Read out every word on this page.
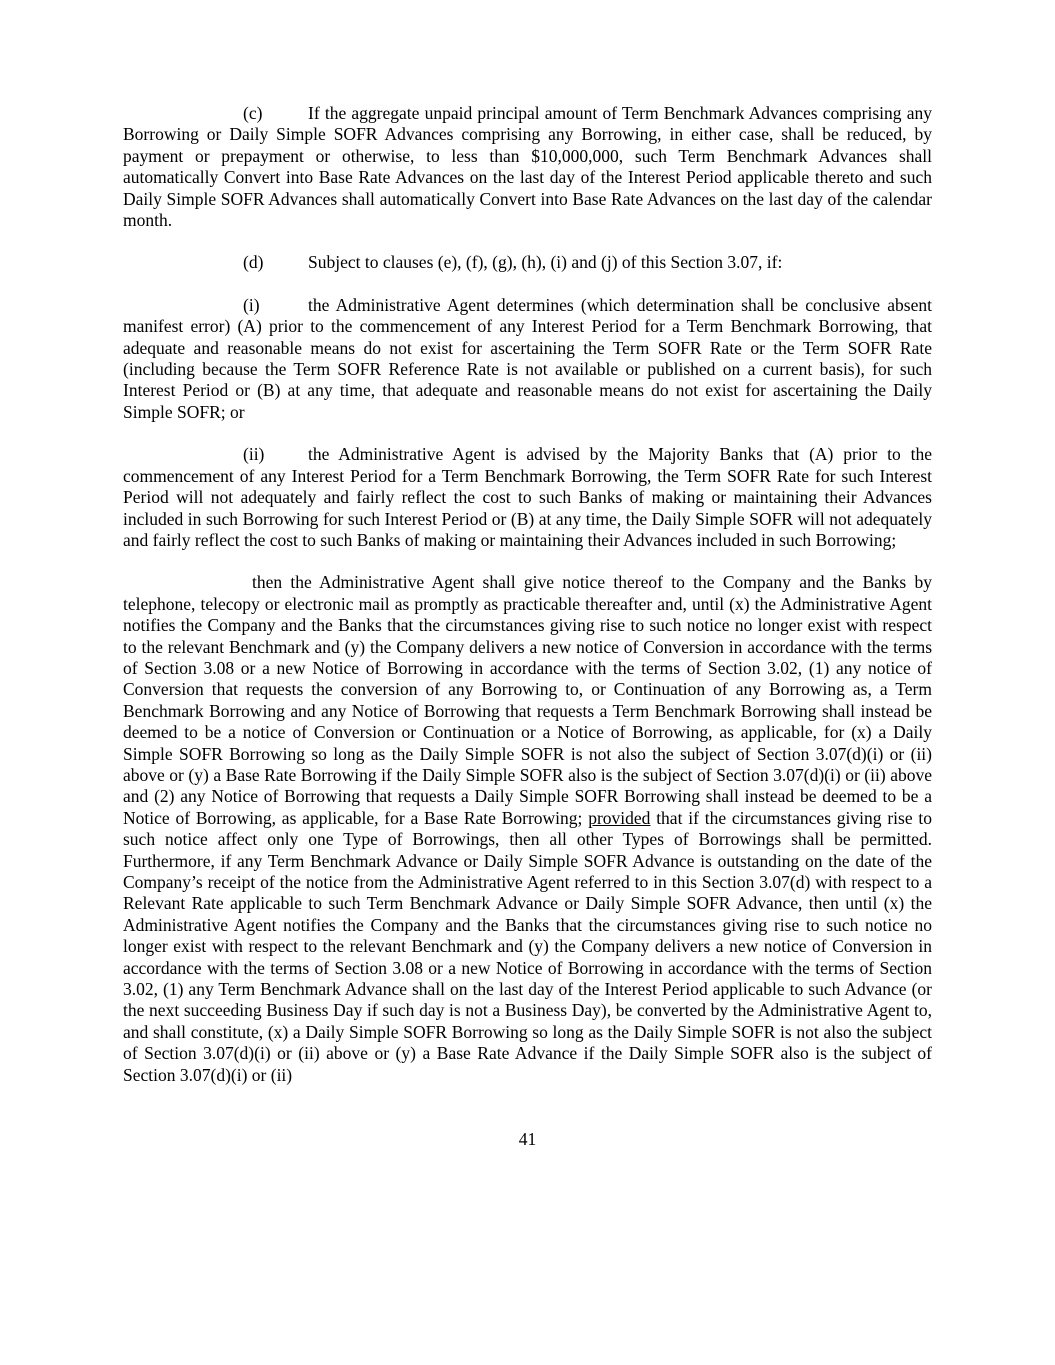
(c)	If the aggregate unpaid principal amount of Term Benchmark Advances comprising any Borrowing or Daily Simple SOFR Advances comprising any Borrowing, in either case, shall be reduced, by payment or prepayment or otherwise, to less than $10,000,000, such Term Benchmark Advances shall automatically Convert into Base Rate Advances on the last day of the Interest Period applicable thereto and such Daily Simple SOFR Advances shall automatically Convert into Base Rate Advances on the last day of the calendar month.

(d)	Subject to clauses (e), (f), (g), (h), (i) and (j) of this Section 3.07, if:

(i)	the Administrative Agent determines (which determination shall be conclusive absent manifest error) (A) prior to the commencement of any Interest Period for a Term Benchmark Borrowing, that adequate and reasonable means do not exist for ascertaining the Term SOFR Rate or the Term SOFR Rate (including because the Term SOFR Reference Rate is not available or published on a current basis), for such Interest Period or (B) at any time, that adequate and reasonable means do not exist for ascertaining the Daily Simple SOFR; or

(ii) the Administrative Agent is advised by the Majority Banks that (A) prior to the commencement of any Interest Period for a Term Benchmark Borrowing, the Term SOFR Rate for such Interest Period will not adequately and fairly reflect the cost to such Banks of making or maintaining their Advances included in such Borrowing for such Interest Period or (B) at any time, the Daily Simple SOFR will not adequately and fairly reflect the cost to such Banks of making or maintaining their Advances included in such Borrowing;

then the Administrative Agent shall give notice thereof to the Company and the Banks by telephone, telecopy or electronic mail as promptly as practicable thereafter and, until (x) the Administrative Agent notifies the Company and the Banks that the circumstances giving rise to such notice no longer exist with respect to the relevant Benchmark and (y) the Company delivers a new notice of Conversion in accordance with the terms of Section 3.08 or a new Notice of Borrowing in accordance with the terms of Section 3.02, (1) any notice of Conversion that requests the conversion of any Borrowing to, or Continuation of any Borrowing as, a Term Benchmark Borrowing and any Notice of Borrowing that requests a Term Benchmark Borrowing shall instead be deemed to be a notice of Conversion or Continuation or a Notice of Borrowing, as applicable, for (x) a Daily Simple SOFR Borrowing so long as the Daily Simple SOFR is not also the subject of Section 3.07(d)(i) or (ii) above or (y) a Base Rate Borrowing if the Daily Simple SOFR also is the subject of Section 3.07(d)(i) or (ii) above and (2) any Notice of Borrowing that requests a Daily Simple SOFR Borrowing shall instead be deemed to be a Notice of Borrowing, as applicable, for a Base Rate Borrowing; provided that if the circumstances giving rise to such notice affect only one Type of Borrowings, then all other Types of Borrowings shall be permitted. Furthermore, if any Term Benchmark Advance or Daily Simple SOFR Advance is outstanding on the date of the Company’s receipt of the notice from the Administrative Agent referred to in this Section 3.07(d) with respect to a Relevant Rate applicable to such Term Benchmark Advance or Daily Simple SOFR Advance, then until (x) the Administrative Agent notifies the Company and the Banks that the circumstances giving rise to such notice no longer exist with respect to the relevant Benchmark and (y) the Company delivers a new notice of Conversion in accordance with the terms of Section 3.08 or a new Notice of Borrowing in accordance with the terms of Section 3.02, (1) any Term Benchmark Advance shall on the last day of the Interest Period applicable to such Advance (or the next succeeding Business Day if such day is not a Business Day), be converted by the Administrative Agent to, and shall constitute, (x) a Daily Simple SOFR Borrowing so long as the Daily Simple SOFR is not also the subject of Section 3.07(d)(i) or (ii) above or (y) a Base Rate Advance if the Daily Simple SOFR also is the subject of Section 3.07(d)(i) or (ii)

41
